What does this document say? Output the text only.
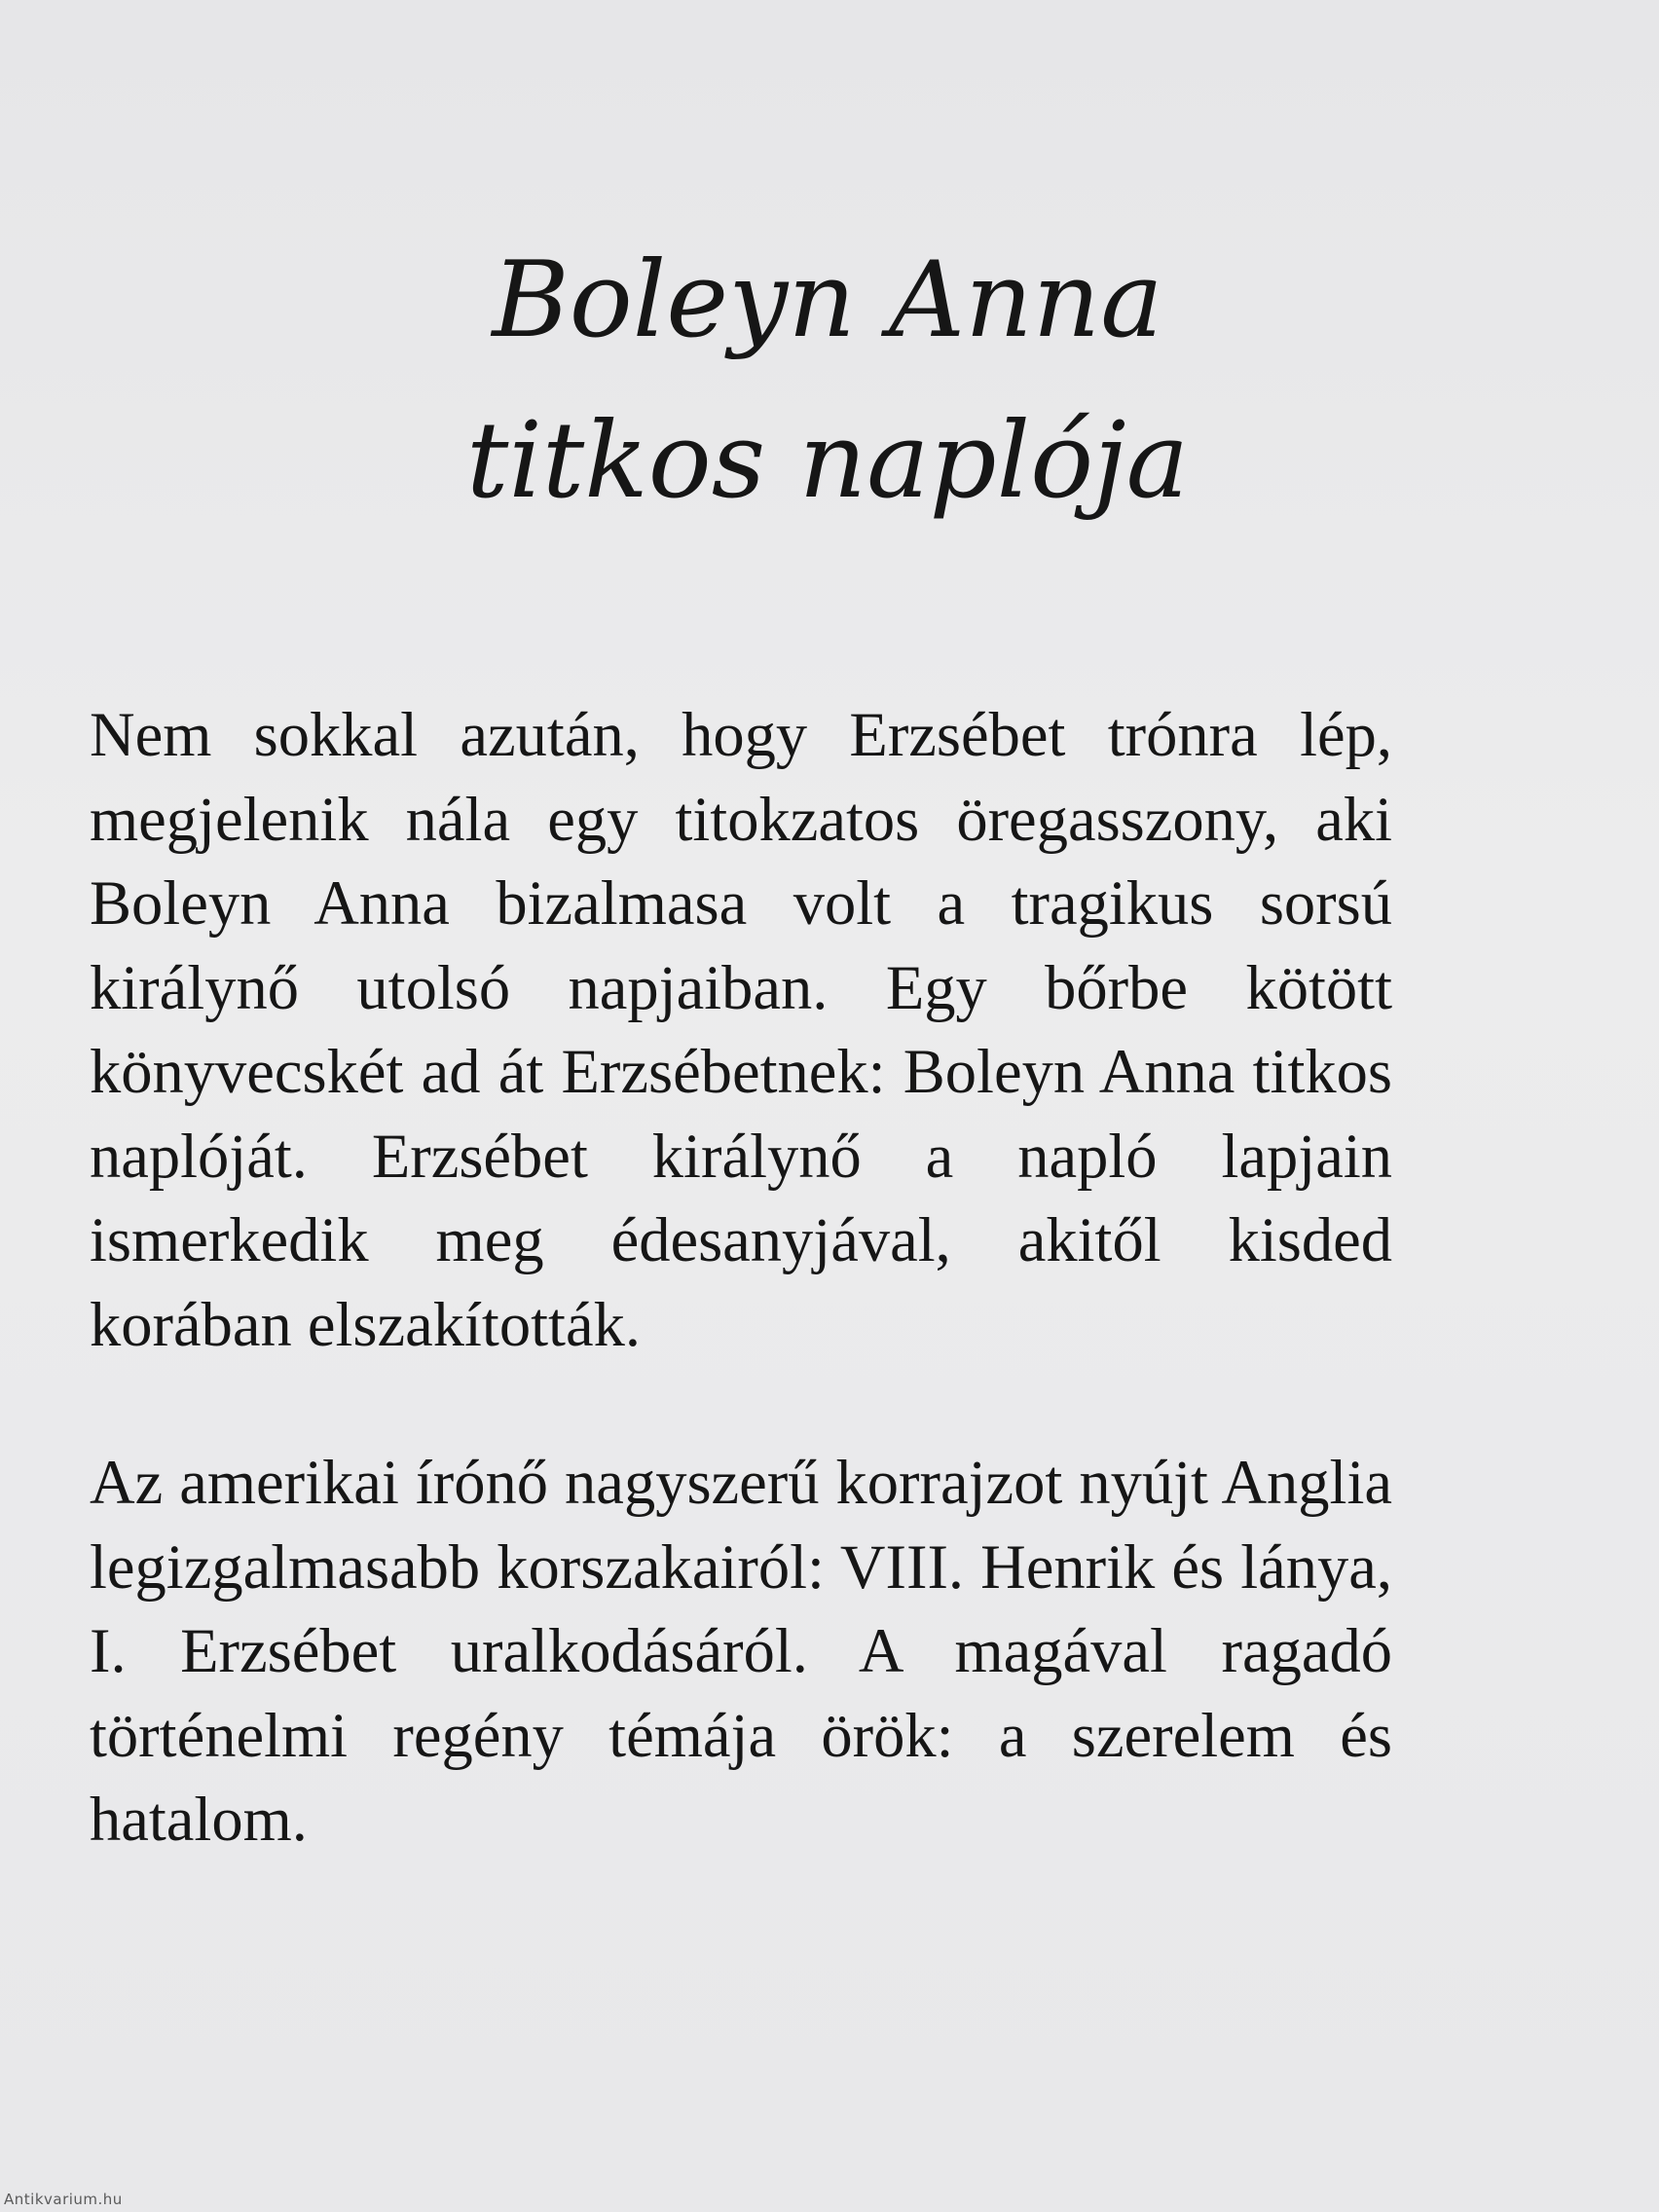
Boleyn Anna
titkos naplója

Nem sokkal azután, hogy Erzsébet trónra lép, megjelenik nála egy titokzatos öregasszony, aki Boleyn Anna bizalmasa volt a tragikus sorsú királynő utolsó napjaiban. Egy bőrbe kötött könyvecskét ad át Erzsébetnek: Boleyn Anna titkos naplóját. Erzsébet királynő a napló lapjain ismerkedik meg édesanyjával, akitől kisded korában elszakították.

Az amerikai írónő nagyszerű korrajzot nyújt Anglia legizgalmasabb korszakairól: VIII. Henrik és lánya, I. Erzsébet uralkodásáról. A magával ragadó történelmi regény témája örök: a szerelem és hatalom.

Antikvarium.hu
